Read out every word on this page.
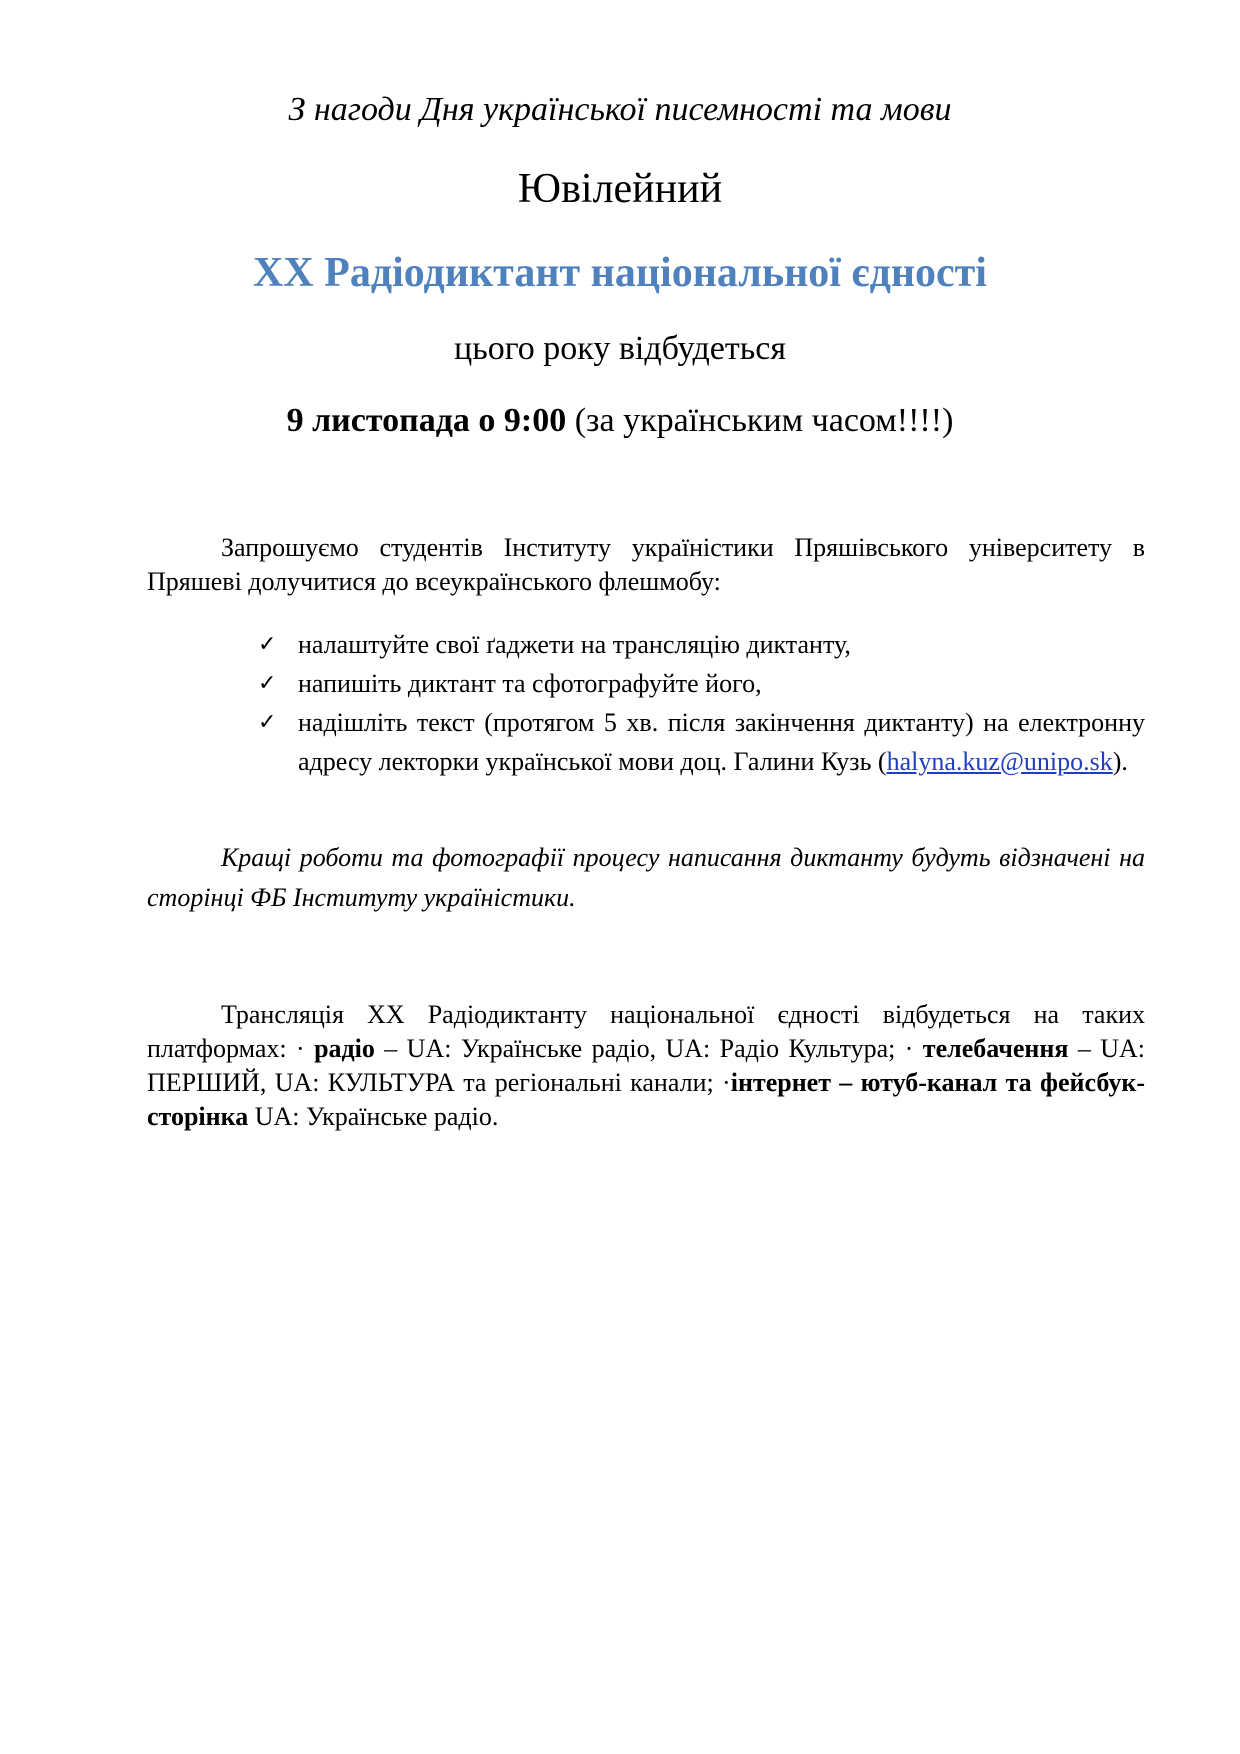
З нагоди Дня української писемності та мови

Ювілейний

XX Радіодиктант національної єдності

цього року відбудеться

9 листопада о 9:00 (за українським часом!!!!)

Запрошуємо студентів Інституту україністики Пряшівського університету в Пряшеві долучитися до всеукраїнського флешмобу:

✓ налаштуйте свої ґаджети на трансляцію диктанту,
✓ напишіть диктант та сфотографуйте його,
✓ надішліть текст (протягом 5 хв. після закінчення диктанту) на електронну адресу лекторки української мови доц. Галини Кузь (halyna.kuz@unipo.sk).

Кращі роботи та фотографії процесу написання диктанту будуть відзначені на сторінці ФБ Інституту україністики.

Трансляція XX Радіодиктанту національної єдності відбудеться на таких платформах: · радіо – UA: Українське радіо, UA: Радіо Культура; · телебачення – UA: ПЕРШИЙ, UA: КУЛЬТУРА та регіональні канали; ·інтернет – ютуб-канал та фейсбук-сторінка UA: Українське радіо.
